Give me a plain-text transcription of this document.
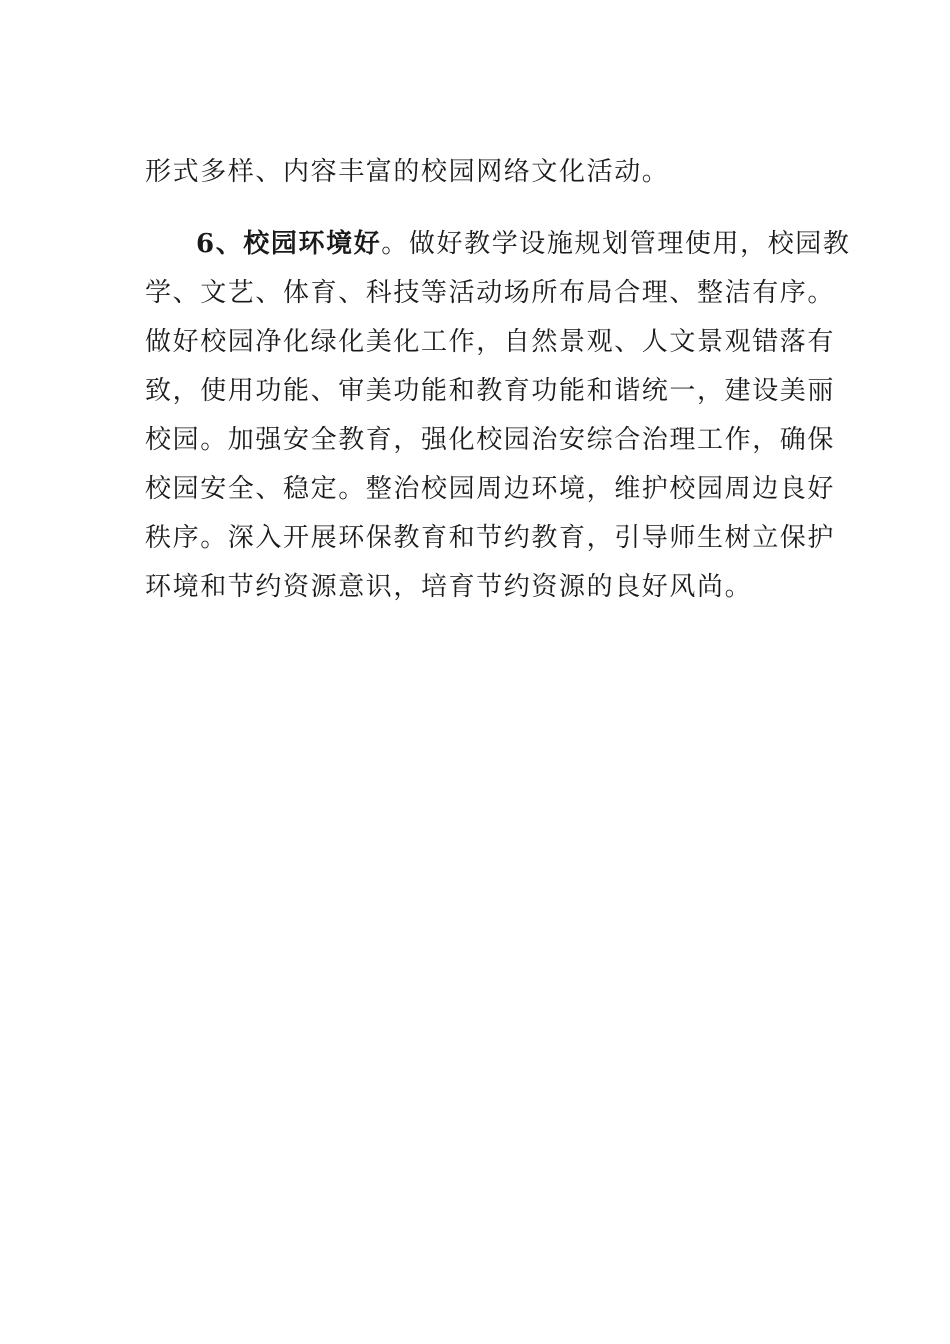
形式多样、内容丰富的校园网络文化活动。
6、校园环境好。做好教学设施规划管理使用，校园教
学、文艺、体育、科技等活动场所布局合理、整洁有序。
做好校园净化绿化美化工作，自然景观、人文景观错落有
致，使用功能、审美功能和教育功能和谐统一，建设美丽
校园。加强安全教育，强化校园治安综合治理工作，确保
校园安全、稳定。整治校园周边环境，维护校园周边良好
秩序。深入开展环保教育和节约教育，引导师生树立保护
环境和节约资源意识，培育节约资源的良好风尚。
